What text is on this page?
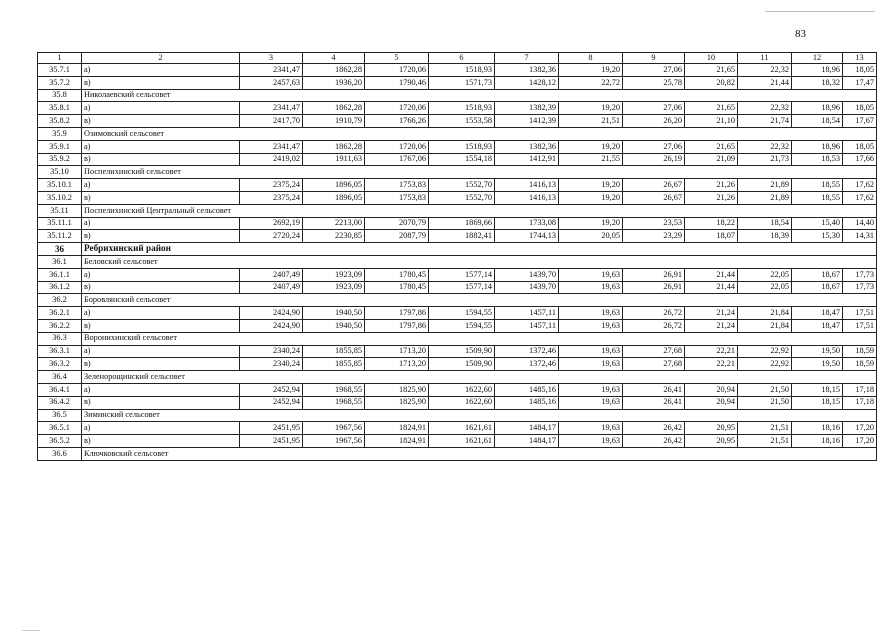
83
1	2	3	4	5	6	7	8	9	10	11	12	13
35.7.1	а)	2341,47	1862,28	1720,06	1518,93	1382,36	19,20	27,06	21,65	22,32	18,96	18,05
35.7.2	в)	2457,63	1936,20	1790,46	1571,73	1428,12	22,72	25,78	20,82	21,44	18,32	17,47
35.8	Николаевский сельсовет											
35.8.1	а)	2341,47	1862,28	1720,06	1518,93	1382,39	19,20	27,06	21,65	22,32	18,96	18,05
35.8.2	в)	2417,70	1910,79	1766,26	1553,58	1412,39	21,51	26,20	21,10	21,74	18,54	17,67
35.9	Озимовский сельсовет											
35.9.1	а)	2341,47	1862,28	1720,06	1518,93	1382,36	19,20	27,06	21,65	22,32	18,96	18,05
35.9.2	в)	2419,02	1911,63	1767,06	1554,18	1412,91	21,55	26,19	21,09	21,73	18,53	17,66
35.10	Поспелихинский сельсовет											
35.10.1	а)	2375,24	1896,05	1753,83	1552,70	1416,13	19,20	26,67	21,26	21,89	18,55	17,62
35.10.2	в)	2375,24	1896,05	1753,83	1552,70	1416,13	19,20	26,67	21,26	21,89	18,55	17,62
35.11	Поспелихинский Центральный сельсовет											
35.11.1	а)	2692,19	2213,00	2070,79	1869,66	1733,08	19,20	23,53	18,22	18,54	15,40	14,40
35.11.2	в)	2720,24	2230,85	2087,79	1882,41	1744,13	20,05	23,29	18,07	18,39	15,30	14,31
36	Ребрихинский район											
36.1	Беловский сельсовет											
36.1.1	а)	2407,49	1923,09	1780,45	1577,14	1439,70	19,63	26,91	21,44	22,05	18,67	17,73
36.1.2	в)	2407,49	1923,09	1780,45	1577,14	1439,70	19,63	26,91	21,44	22,05	18,67	17,73
36.2	Боровлянский сельсовет											
36.2.1	а)	2424,90	1940,50	1797,86	1594,55	1457,11	19,63	26,72	21,24	21,84	18,47	17,51
36.2.2	в)	2424,90	1940,50	1797,86	1594,55	1457,11	19,63	26,72	21,24	21,84	18,47	17,51
36.3	Воронихинский сельсовет											
36.3.1	а)	2340,24	1855,85	1713,20	1509,90	1372,46	19,63	27,68	22,21	22,92	19,50	18,59
36.3.2	в)	2340,24	1855,85	1713,20	1509,90	1372,46	19,63	27,68	22,21	22,92	19,50	18,59
36.4	Зеленорощинский сельсовет											
36.4.1	а)	2452,94	1968,55	1825,90	1622,60	1485,16	19,63	26,41	20,94	21,50	18,15	17,18
36.4.2	в)	2452,94	1968,55	1825,90	1622,60	1485,16	19,63	26,41	20,94	21,50	18,15	17,18
36.5	Зиминский сельсовет											
36.5.1	а)	2451,95	1967,56	1824,91	1621,61	1484,17	19,63	26,42	20,95	21,51	18,16	17,20
36.5.2	в)	2451,95	1967,56	1824,91	1621,61	1484,17	19,63	26,42	20,95	21,51	18,16	17,20
36.6	Ключковский сельсовет											
